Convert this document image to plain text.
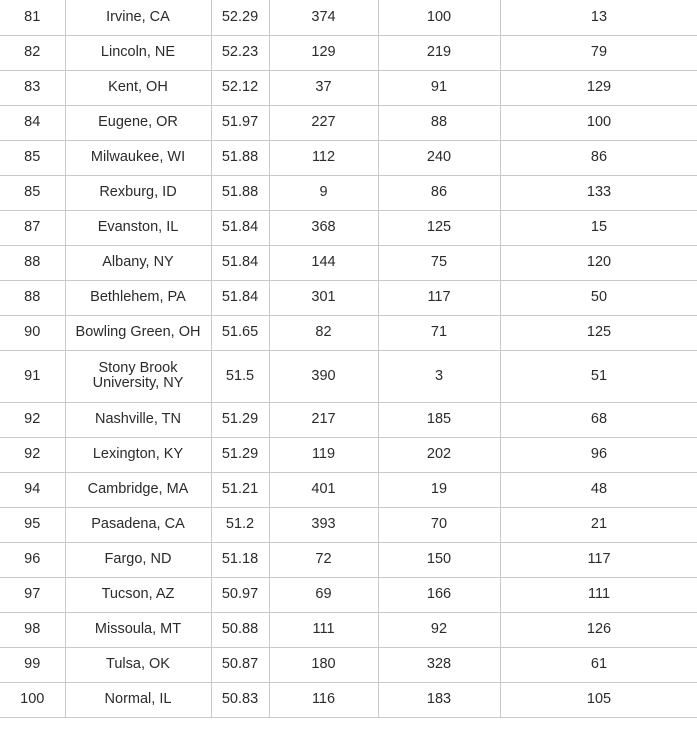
81	Irvine, CA	52.29	374	100	13
82	Lincoln, NE	52.23	129	219	79
83	Kent, OH	52.12	37	91	129
84	Eugene, OR	51.97	227	88	100
85	Milwaukee, WI	51.88	112	240	86
85	Rexburg, ID	51.88	9	86	133
87	Evanston, IL	51.84	368	125	15
88	Albany, NY	51.84	144	75	120
88	Bethlehem, PA	51.84	301	117	50
90	Bowling Green, OH	51.65	82	71	125
91	Stony Brook University, NY	51.5	390	3	51
92	Nashville, TN	51.29	217	185	68
92	Lexington, KY	51.29	119	202	96
94	Cambridge, MA	51.21	401	19	48
95	Pasadena, CA	51.2	393	70	21
96	Fargo, ND	51.18	72	150	117
97	Tucson, AZ	50.97	69	166	111
98	Missoula, MT	50.88	111	92	126
99	Tulsa, OK	50.87	180	328	61
100	Normal, IL	50.83	116	183	105
